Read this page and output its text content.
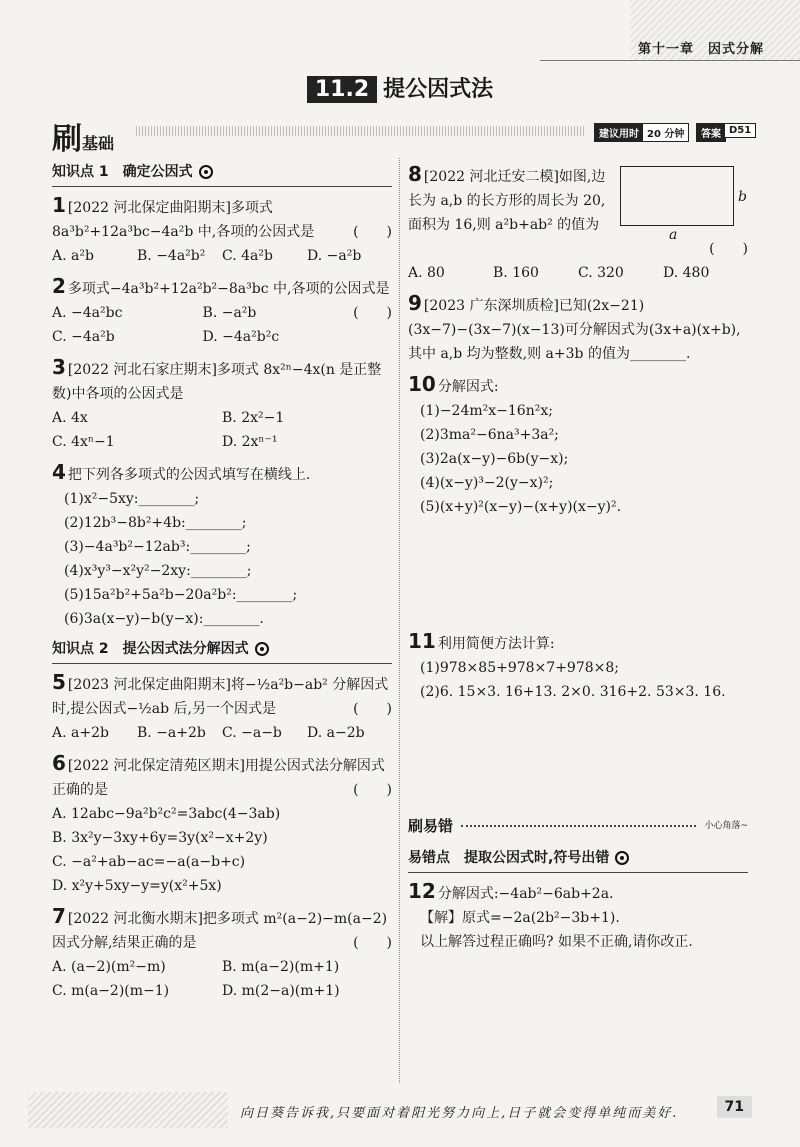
第十一章　因式分解
11.2 提公因式法
刷基础	建议用时 20 分钟	答案 D51
知识点 1　确定公因式
1 [2022 河北保定曲阳期末]多项式 8a³b²+12a³bc−4a²b 中,各项的公因式是	(　　)
A. a²b	B. −4a²b²	C. 4a²b	D. −a²b
2 多项式−4a³b²+12a²b²−8a³bc 中,各项的公因式是
(　　)
A. −4a²bc	B. −a²b
C. −4a²b	D. −4a²b²c
3 [2022 河北石家庄期末]多项式 8x²ⁿ−4x(n 是正整数)中各项的公因式是
A. 4x	B. 2x²−1
C. 4xⁿ−1	D. 2xⁿ⁻¹
4 把下列各多项式的公因式填写在横线上.
(1)x²−5xy:________;
(2)12b³−8b²+4b:________;
(3)−4a³b²−12ab³:________;
(4)x³y³−x²y²−2xy:________;
(5)15a²b²+5a²b−20a²b²:________;
(6)3a(x−y)−b(y−x):________.
知识点 2　提公因式法分解因式
5 [2023 河北保定曲阳期末]将−½a²b−ab² 分解因式时,提公因式−½ab 后,另一个因式是	(　　)
A. a+2b	B. −a+2b	C. −a−b	D. a−2b
6 [2022 河北保定清苑区期末]用提公因式法分解因式正确的是	(　　)
A. 12abc−9a²b²c²=3abc(4−3ab)
B. 3x²y−3xy+6y=3y(x²−x+2y)
C. −a²+ab−ac=−a(a−b+c)
D. x²y+5xy−y=y(x²+5x)
7 [2022 河北衡水期末]把多项式 m²(a−2)−m(a−2)因式分解,结果正确的是	(　　)
A. (a−2)(m²−m)	B. m(a−2)(m+1)
C. m(a−2)(m−1)	D. m(2−a)(m+1)
b
a
8 [2022 河北迁安二模]如图,边长为 a,b 的长方形的周长为 20,面积为 16,则 a²b+ab² 的值为
(　　)
A. 80	B. 160	C. 320	D. 480
9 [2023 广东深圳质检]已知(2x−21)(3x−7)−(3x−7)(x−13)可分解因式为(3x+a)(x+b),其中 a,b 均为整数,则 a+3b 的值为________.
10 分解因式:
(1)−24m²x−16n²x;
(2)3ma²−6na³+3a²;
(3)2a(x−y)−6b(y−x);
(4)(x−y)³−2(y−x)²;
(5)(x+y)²(x−y)−(x+y)(x−y)².
11 利用简便方法计算:
(1)978×85+978×7+978×8;
(2)6. 15×3. 16+13. 2×0. 316+2. 53×3. 16.
刷易错	小心角落~
易错点　提取公因式时,符号出错
12 分解因式:−4ab²−6ab+2a.
【解】原式=−2a(2b²−3b+1).
以上解答过程正确吗? 如果不正确,请你改正.
向日葵告诉我,只要面对着阳光努力向上,日子就会变得单纯而美好.	71
